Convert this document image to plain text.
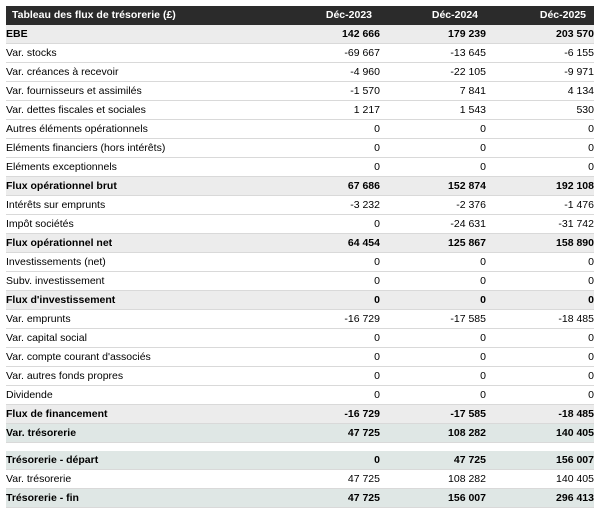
Tableau des flux de trésorerie (£)	Déc-2023	Déc-2024	Déc-2025
EBE	142 666	179 239	203 570
Var. stocks	-69 667	-13 645	-6 155
Var. créances à recevoir	-4 960	-22 105	-9 971
Var. fournisseurs et assimilés	-1 570	7 841	4 134
Var. dettes fiscales et sociales	1 217	1 543	530
Autres éléments opérationnels	0	0	0
Eléments financiers (hors intérêts)	0	0	0
Eléments exceptionnels	0	0	0
Flux opérationnel brut	67 686	152 874	192 108
Intérêts sur emprunts	-3 232	-2 376	-1 476
Impôt sociétés	0	-24 631	-31 742
Flux opérationnel net	64 454	125 867	158 890
Investissements (net)	0	0	0
Subv. investissement	0	0	0
Flux d'investissement	0	0	0
Var. emprunts	-16 729	-17 585	-18 485
Var. capital social	0	0	0
Var. compte courant d'associés	0	0	0
Var. autres fonds propres	0	0	0
Dividende	0	0	0
Flux de financement	-16 729	-17 585	-18 485
Var. trésorerie	47 725	108 282	140 405

Trésorerie - départ	0	47 725	156 007
Var. trésorerie	47 725	108 282	140 405
Trésorerie - fin	47 725	156 007	296 413
